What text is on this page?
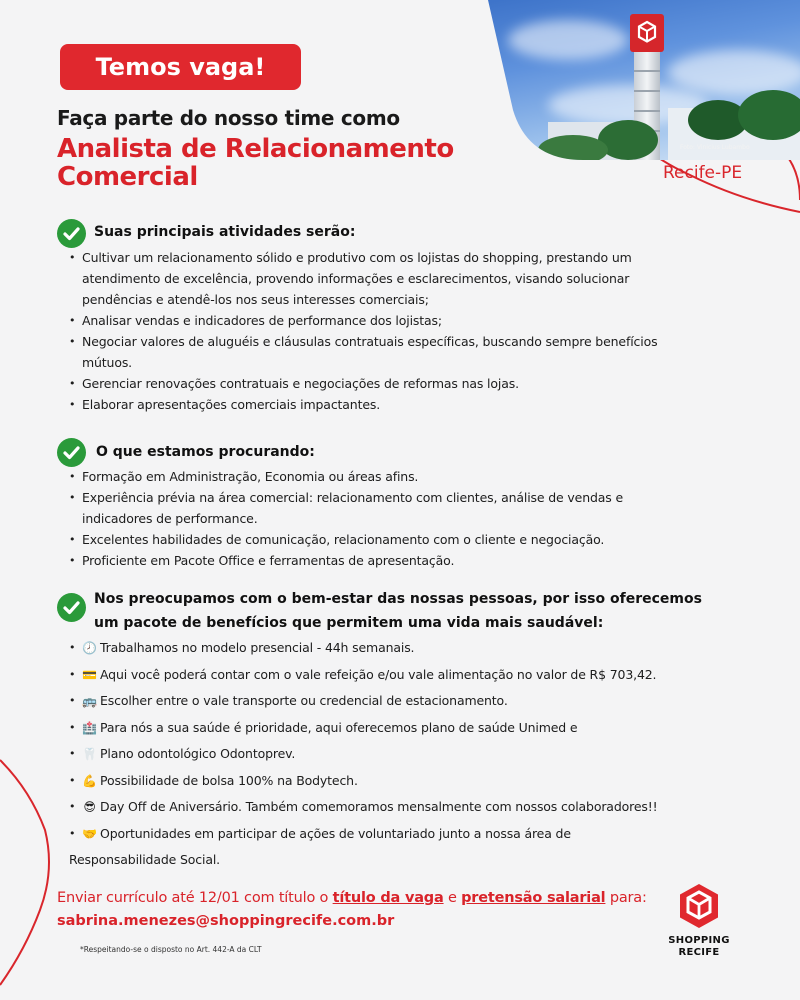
Foto: Vinicius Lubambo
Recife-PE
Temos vaga!
Faça parte do nosso time como
Analista de Relacionamento
Comercial
Suas principais atividades serão:
• Cultivar um relacionamento sólido e produtivo com os lojistas do shopping, prestando um
atendimento de excelência, provendo informações e esclarecimentos, visando solucionar
pendências e atendê-los nos seus interesses comerciais;
• Analisar vendas e indicadores de performance dos lojistas;
• Negociar valores de aluguéis e cláusulas contratuais específicas, buscando sempre benefícios
mútuos.
• Gerenciar renovações contratuais e negociações de reformas nas lojas.
• Elaborar apresentações comerciais impactantes.
O que estamos procurando:
• Formação em Administração, Economia ou áreas afins.
• Experiência prévia na área comercial: relacionamento com clientes, análise de vendas e
indicadores de performance.
• Excelentes habilidades de comunicação, relacionamento com o cliente e negociação.
• Proficiente em Pacote Office e ferramentas de apresentação.
Nos preocupamos com o bem-estar das nossas pessoas, por isso oferecemos
um pacote de benefícios que permitem uma vida mais saudável:
• 🕗 Trabalhamos no modelo presencial - 44h semanais.
• 💳 Aqui você poderá contar com o vale refeição e/ou vale alimentação no valor de R$ 703,42.
• 🚌 Escolher entre o vale transporte ou credencial de estacionamento.
• 🏥 Para nós a sua saúde é prioridade, aqui oferecemos plano de saúde Unimed e
• 🦷 Plano odontológico Odontoprev.
• 💪 Possibilidade de bolsa 100% na Bodytech.
• 😎 Day Off de Aniversário. Também comemoramos mensalmente com nossos colaboradores!!
• 🤝 Oportunidades em participar de ações de voluntariado junto a nossa área de
Responsabilidade Social.
Enviar currículo até 12/01 com título o título da vaga e pretensão salarial para:
sabrina.menezes@shoppingrecife.com.br
*Respeitando-se o disposto no Art. 442-A da CLT
SHOPPING
RECIFE
